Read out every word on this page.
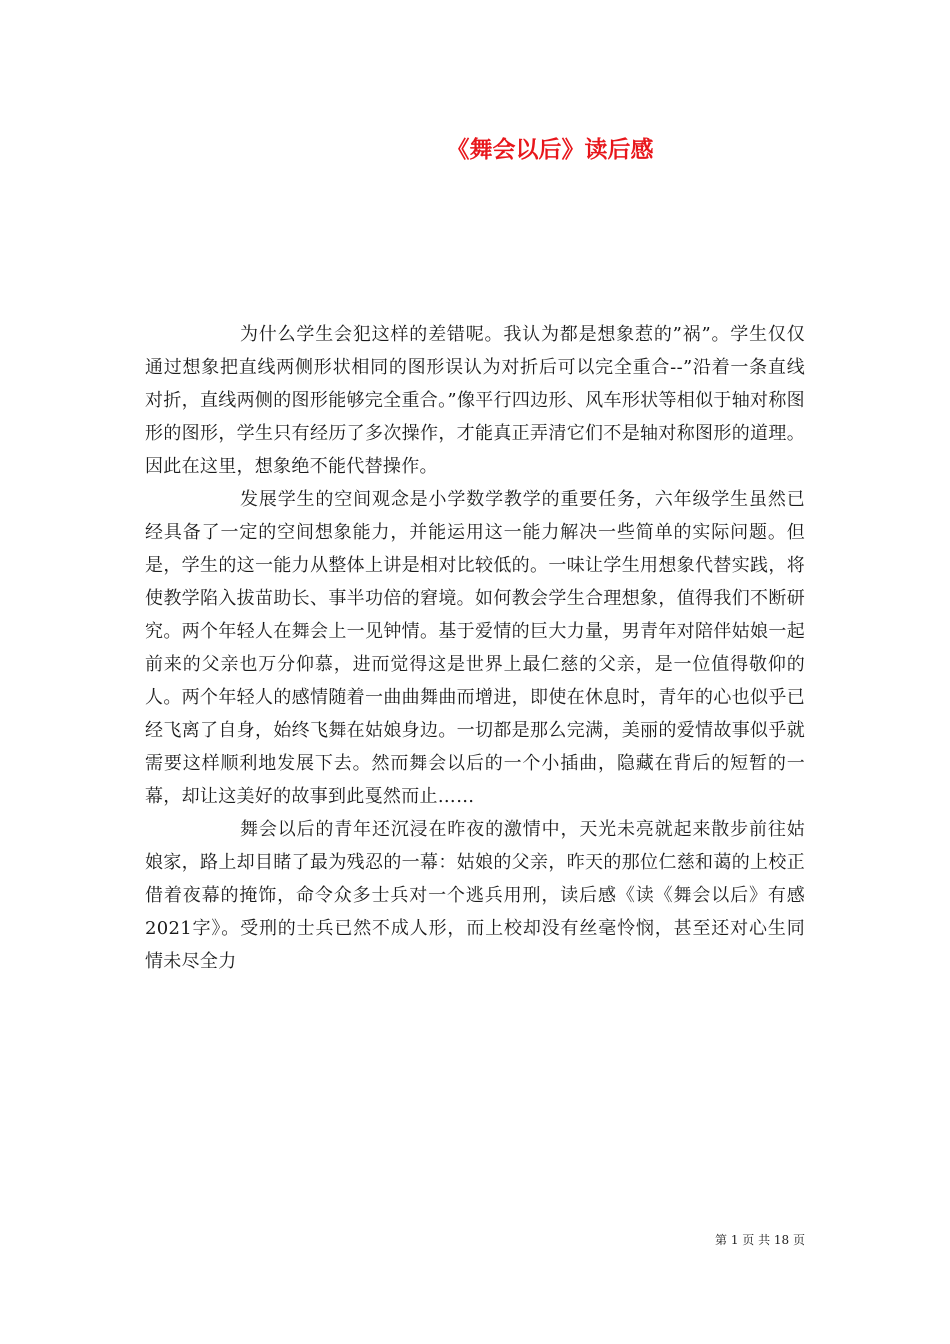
《舞会以后》读后感

为什么学生会犯这样的差错呢。我认为都是想象惹的”祸”。学生仅仅通过想象把直线两侧形状相同的图形误认为对折后可以完全重合--”沿着一条直线对折，直线两侧的图形能够完全重合。”像平行四边形、风车形状等相似于轴对称图形的图形，学生只有经历了多次操作，才能真正弄清它们不是轴对称图形的道理。因此在这里，想象绝不能代替操作。

发展学生的空间观念是小学数学教学的重要任务，六年级学生虽然已经具备了一定的空间想象能力，并能运用这一能力解决一些简单的实际问题。但是，学生的这一能力从整体上讲是相对比较低的。一味让学生用想象代替实践，将使教学陷入拔苗助长、事半功倍的窘境。如何教会学生合理想象，值得我们不断研究。两个年轻人在舞会上一见钟情。基于爱情的巨大力量，男青年对陪伴姑娘一起前来的父亲也万分仰慕，进而觉得这是世界上最仁慈的父亲，是一位值得敬仰的人。两个年轻人的感情随着一曲曲舞曲而增进，即使在休息时，青年的心也似乎已经飞离了自身，始终飞舞在姑娘身边。一切都是那么完满，美丽的爱情故事似乎就需要这样顺利地发展下去。然而舞会以后的一个小插曲，隐藏在背后的短暂的一幕，却让这美好的故事到此戛然而止……

舞会以后的青年还沉浸在昨夜的激情中，天光未亮就起来散步前往姑娘家，路上却目睹了最为残忍的一幕：姑娘的父亲，昨天的那位仁慈和蔼的上校正借着夜幕的掩饰，命令众多士兵对一个逃兵用刑，读后感《读《舞会以后》有感2021字》。受刑的士兵已然不成人形，而上校却没有丝毫怜悯，甚至还对心生同情未尽全力

第 1 页 共 18 页
